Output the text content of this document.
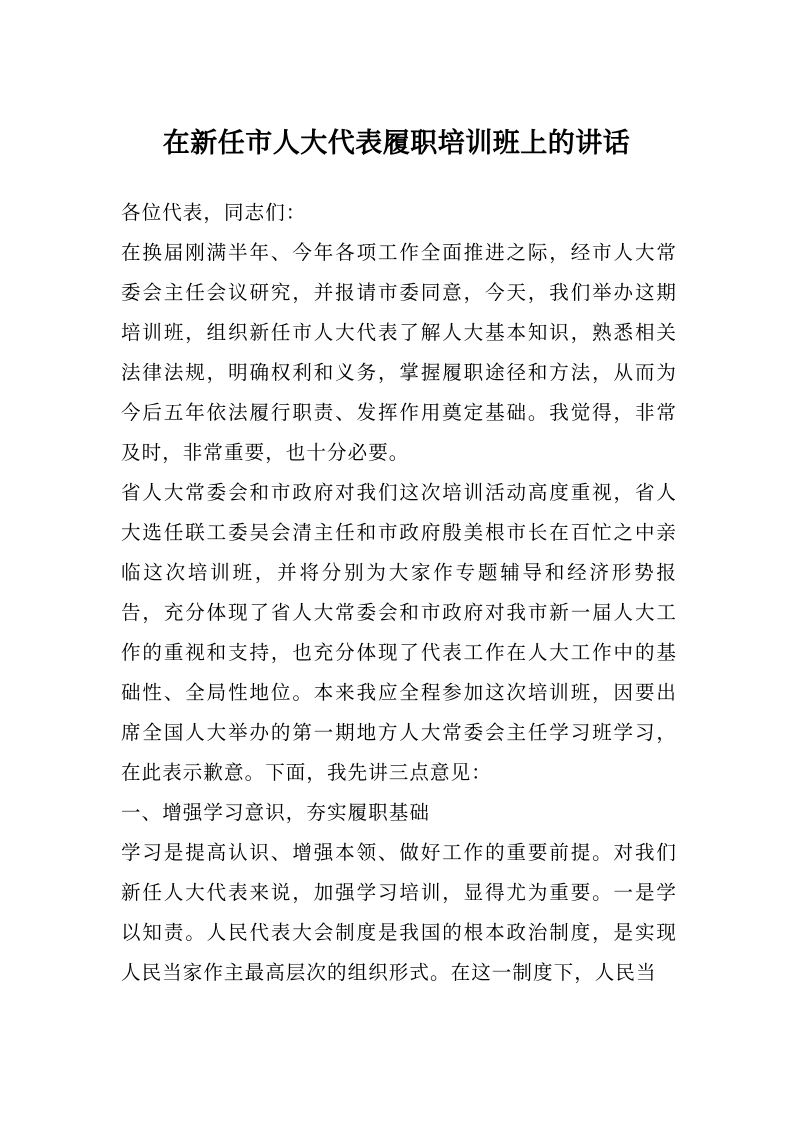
在新任市人大代表履职培训班上的讲话

各位代表，同志们：

在换届刚满半年、今年各项工作全面推进之际，经市人大常委会主任会议研究，并报请市委同意，今天，我们举办这期培训班，组织新任市人大代表了解人大基本知识，熟悉相关法律法规，明确权利和义务，掌握履职途径和方法，从而为今后五年依法履行职责、发挥作用奠定基础。我觉得，非常及时，非常重要，也十分必要。

省人大常委会和市政府对我们这次培训活动高度重视，省人大选任联工委吴会清主任和市政府殷美根市长在百忙之中亲临这次培训班，并将分别为大家作专题辅导和经济形势报告，充分体现了省人大常委会和市政府对我市新一届人大工作的重视和支持，也充分体现了代表工作在人大工作中的基础性、全局性地位。本来我应全程参加这次培训班，因要出席全国人大举办的第一期地方人大常委会主任学习班学习，在此表示歉意。下面，我先讲三点意见：

一、增强学习意识，夯实履职基础

学习是提高认识、增强本领、做好工作的重要前提。对我们新任人大代表来说，加强学习培训，显得尤为重要。一是学以知责。人民代表大会制度是我国的根本政治制度，是实现人民当家作主最高层次的组织形式。在这一制度下，人民当
